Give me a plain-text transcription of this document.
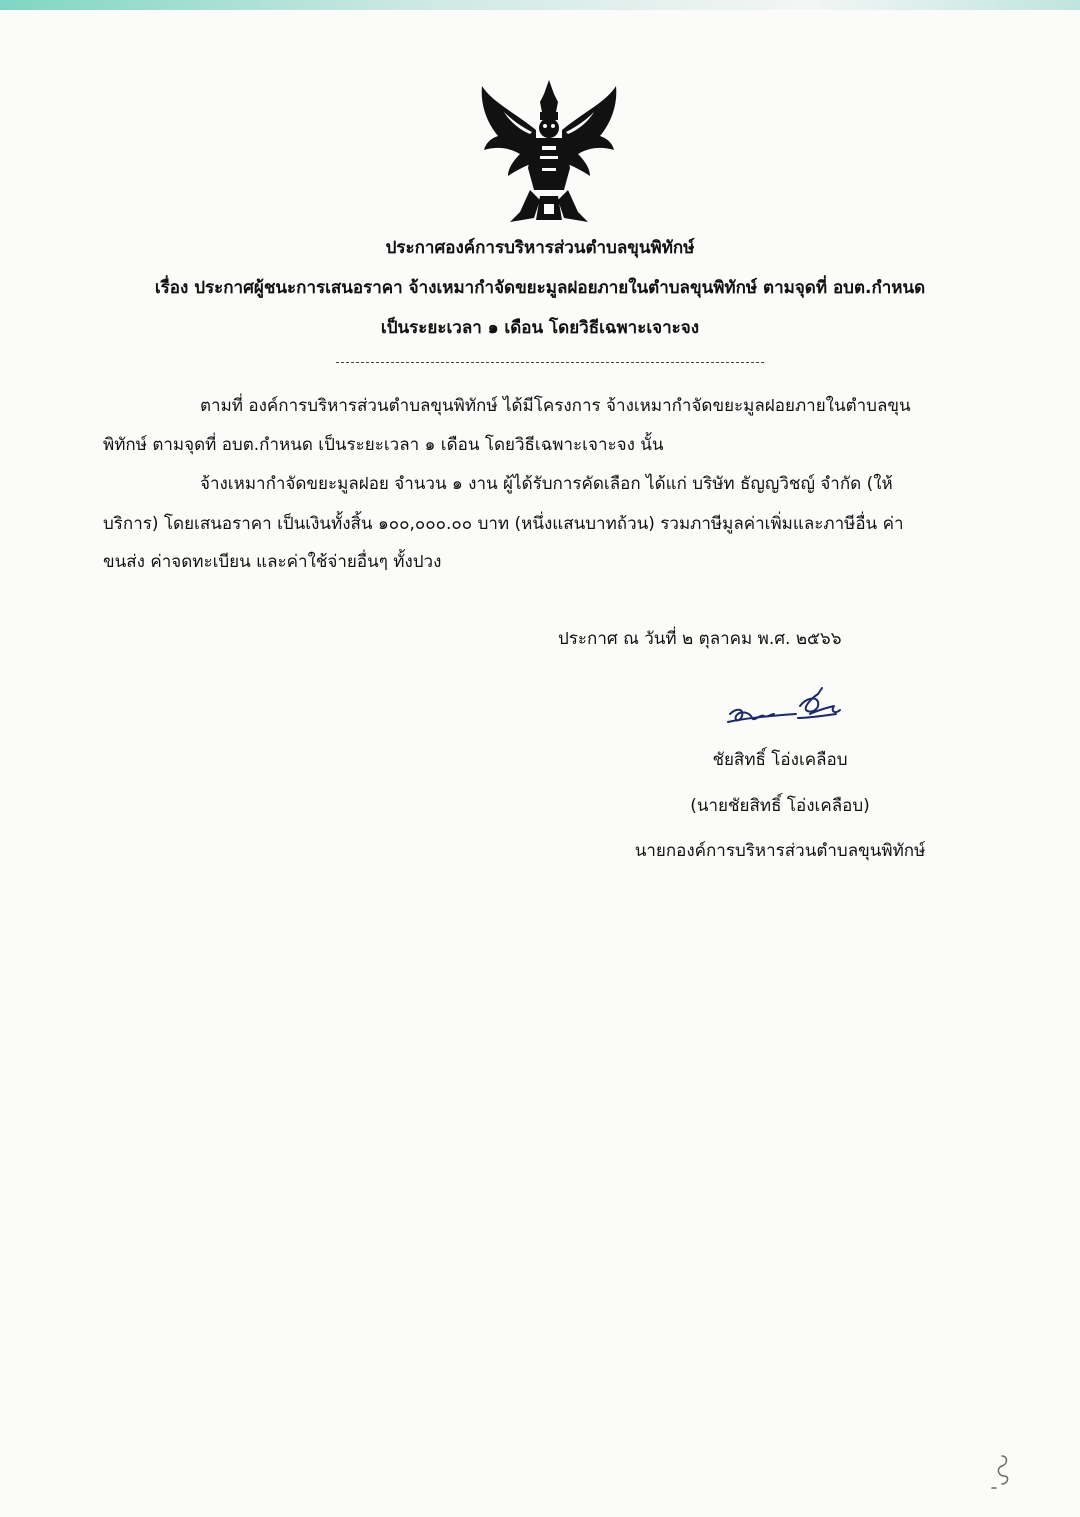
ประกาศองค์การบริหารส่วนตำบลขุนพิทักษ์
เรื่อง ประกาศผู้ชนะการเสนอราคา จ้างเหมากำจัดขยะมูลฝอยภายในตำบลขุนพิทักษ์ ตามจุดที่ อบต.กำหนด
เป็นระยะเวลา ๑ เดือน โดยวิธีเฉพาะเจาะจง
ตามที่ องค์การบริหารส่วนตำบลขุนพิทักษ์ ได้มีโครงการ จ้างเหมากำจัดขยะมูลฝอยภายในตำบลขุน
พิทักษ์ ตามจุดที่ อบต.กำหนด เป็นระยะเวลา ๑ เดือน โดยวิธีเฉพาะเจาะจง นั้น
จ้างเหมากำจัดขยะมูลฝอย จำนวน ๑ งาน ผู้ได้รับการคัดเลือก ได้แก่ บริษัท ธัญญวิชญ์ จำกัด (ให้
บริการ) โดยเสนอราคา เป็นเงินทั้งสิ้น ๑๐๐,๐๐๐.๐๐ บาท (หนึ่งแสนบาทถ้วน) รวมภาษีมูลค่าเพิ่มและภาษีอื่น ค่า
ขนส่ง ค่าจดทะเบียน และค่าใช้จ่ายอื่นๆ ทั้งปวง
ประกาศ ณ วันที่ ๒ ตุลาคม พ.ศ. ๒๕๖๖
ชัยสิทธิ์ โอ่งเคลือบ
(นายชัยสิทธิ์ โอ่งเคลือบ)
นายกองค์การบริหารส่วนตำบลขุนพิทักษ์
